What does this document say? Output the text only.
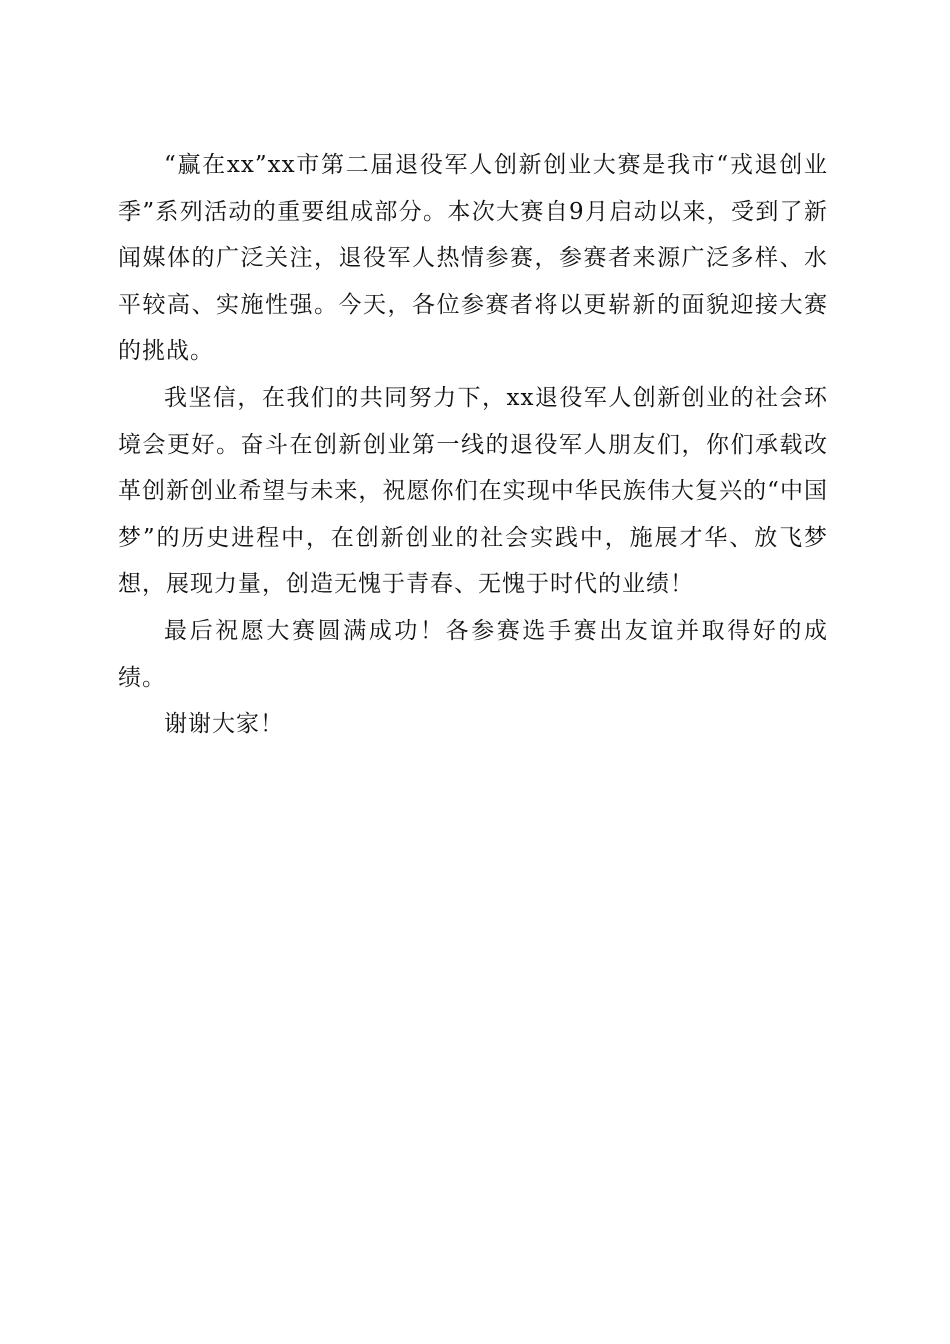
“赢在xx”xx市第二届退役军人创新创业大赛是我市“戎退创业季”系列活动的重要组成部分。本次大赛自9月启动以来，受到了新闻媒体的广泛关注，退役军人热情参赛，参赛者来源广泛多样、水平较高、实施性强。今天，各位参赛者将以更崭新的面貌迎接大赛的挑战。

我坚信，在我们的共同努力下，xx退役军人创新创业的社会环境会更好。奋斗在创新创业第一线的退役军人朋友们，你们承载改革创新创业希望与未来，祝愿你们在实现中华民族伟大复兴的“中国梦”的历史进程中，在创新创业的社会实践中，施展才华、放飞梦想，展现力量，创造无愧于青春、无愧于时代的业绩！

最后祝愿大赛圆满成功！各参赛选手赛出友谊并取得好的成绩。

谢谢大家！
